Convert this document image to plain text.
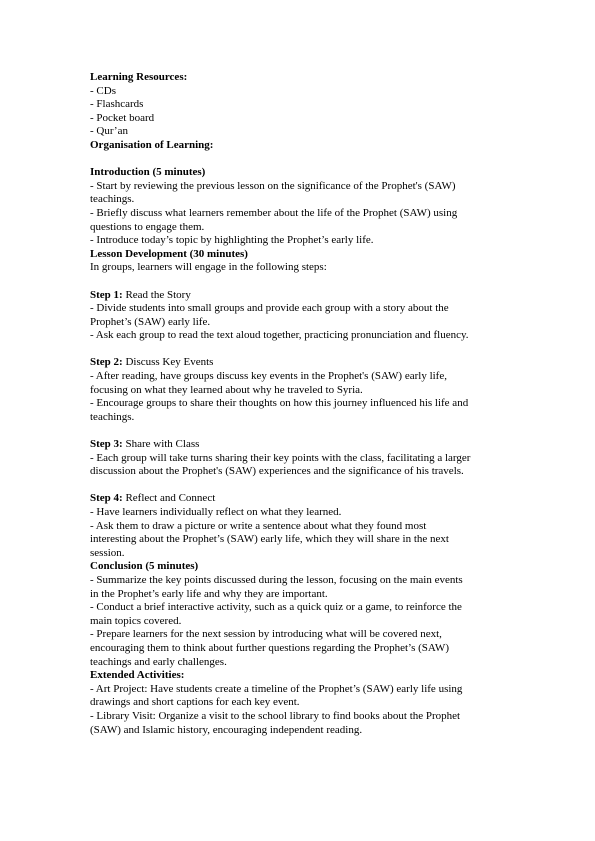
Learning Resources:
- CDs
- Flashcards
- Pocket board
- Qur’an
Organisation of Learning:
Introduction (5 minutes)
- Start by reviewing the previous lesson on the significance of the Prophet's (SAW)
teachings.
- Briefly discuss what learners remember about the life of the Prophet (SAW) using
questions to engage them.
- Introduce today’s topic by highlighting the Prophet’s early life.
Lesson Development (30 minutes)
In groups, learners will engage in the following steps:
Step 1: Read the Story
- Divide students into small groups and provide each group with a story about the
Prophet’s (SAW) early life.
- Ask each group to read the text aloud together, practicing pronunciation and fluency.
Step 2: Discuss Key Events
- After reading, have groups discuss key events in the Prophet's (SAW) early life,
focusing on what they learned about why he traveled to Syria.
- Encourage groups to share their thoughts on how this journey influenced his life and
teachings.
Step 3: Share with Class
- Each group will take turns sharing their key points with the class, facilitating a larger
discussion about the Prophet's (SAW) experiences and the significance of his travels.
Step 4: Reflect and Connect
- Have learners individually reflect on what they learned.
- Ask them to draw a picture or write a sentence about what they found most
interesting about the Prophet’s (SAW) early life, which they will share in the next
session.
Conclusion (5 minutes)
- Summarize the key points discussed during the lesson, focusing on the main events
in the Prophet’s early life and why they are important.
- Conduct a brief interactive activity, such as a quick quiz or a game, to reinforce the
main topics covered.
- Prepare learners for the next session by introducing what will be covered next,
encouraging them to think about further questions regarding the Prophet’s (SAW)
teachings and early challenges.
Extended Activities:
- Art Project: Have students create a timeline of the Prophet’s (SAW) early life using
drawings and short captions for each key event.
- Library Visit: Organize a visit to the school library to find books about the Prophet
(SAW) and Islamic history, encouraging independent reading.
